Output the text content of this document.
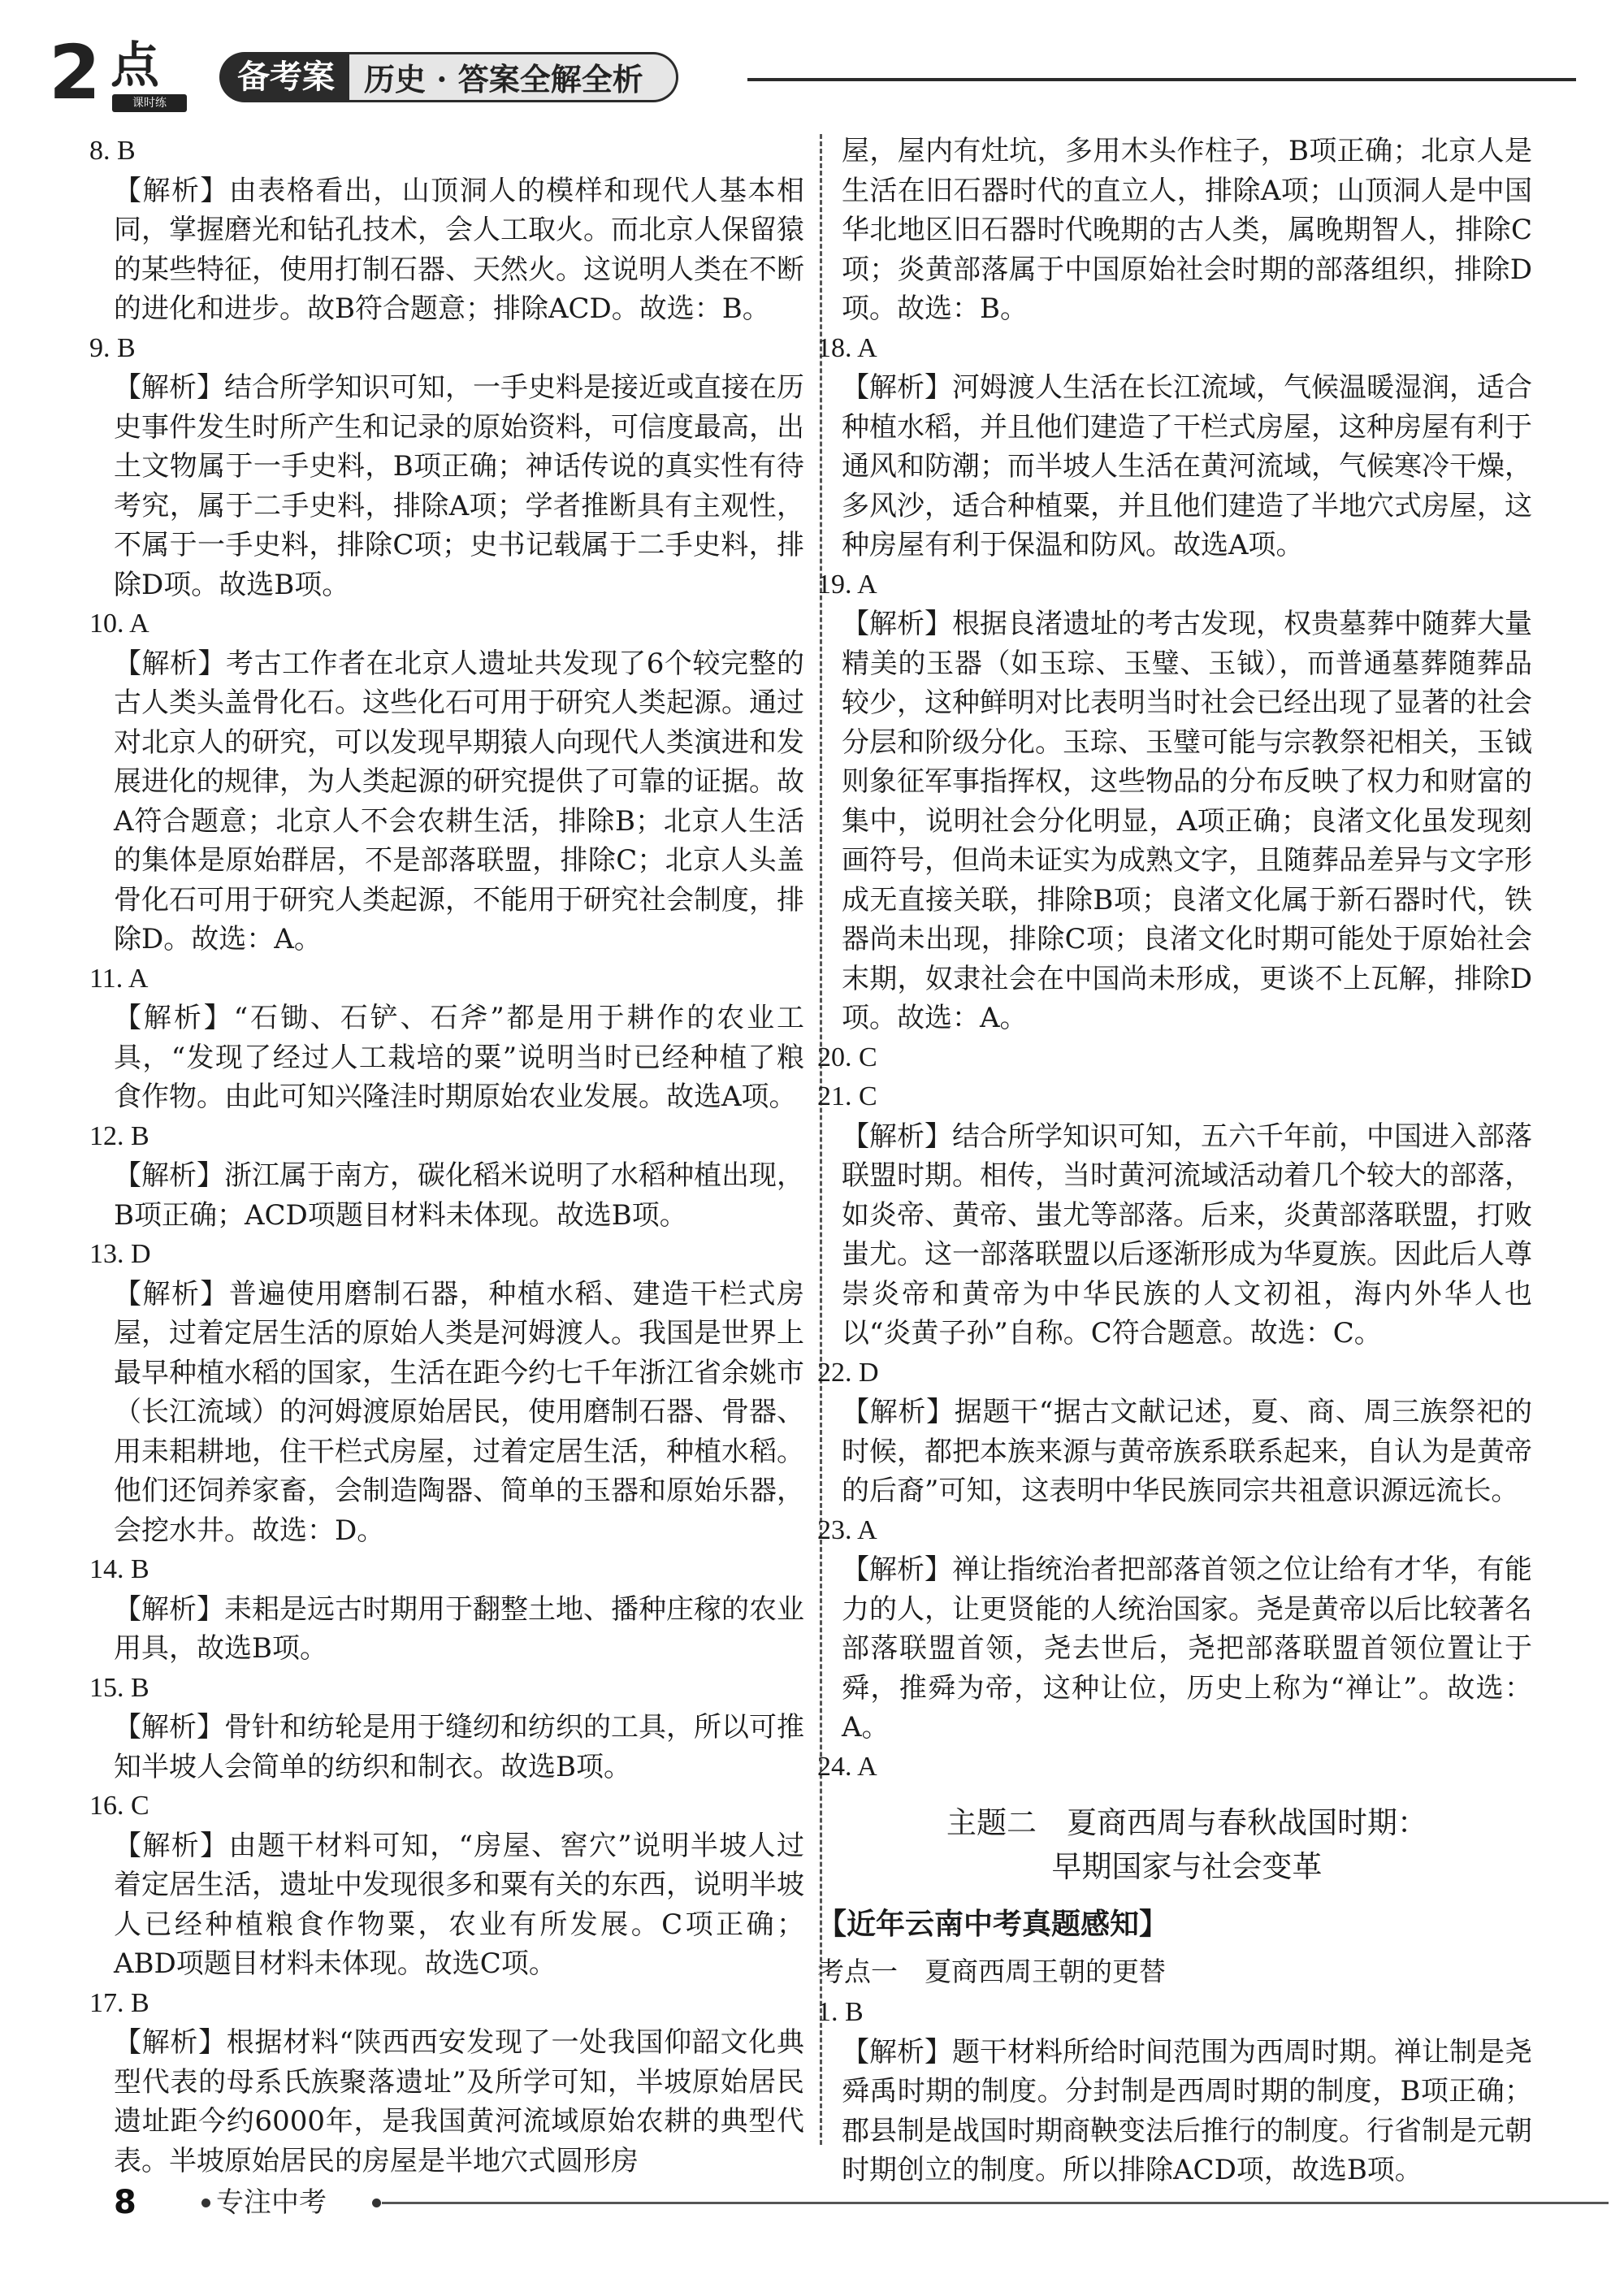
2 点
课时练
备考案 历史 · 答案全解全析

8. B

【解析】由表格看出，山顶洞人的模样和现代人基本相同，掌握磨光和钻孔技术，会人工取火。而北京人保留猿的某些特征，使用打制石器、天然火。这说明人类在不断的进化和进步。故B符合题意；排除ACD。故选：B。

9. B

【解析】结合所学知识可知，一手史料是接近或直接在历史事件发生时所产生和记录的原始资料，可信度最高，出土文物属于一手史料，B项正确；神话传说的真实性有待考究，属于二手史料，排除A项；学者推断具有主观性，不属于一手史料，排除C项；史书记载属于二手史料，排除D项。故选B项。

10. A

【解析】考古工作者在北京人遗址共发现了6个较完整的古人类头盖骨化石。这些化石可用于研究人类起源。通过对北京人的研究，可以发现早期猿人向现代人类演进和发展进化的规律，为人类起源的研究提供了可靠的证据。故A符合题意；北京人不会农耕生活，排除B；北京人生活的集体是原始群居，不是部落联盟，排除C；北京人头盖骨化石可用于研究人类起源，不能用于研究社会制度，排除D。故选：A。

11. A

【解析】“石锄、石铲、石斧”都是用于耕作的农业工具，“发现了经过人工栽培的粟”说明当时已经种植了粮食作物。由此可知兴隆洼时期原始农业发展。故选A项。

12. B

【解析】浙江属于南方，碳化稻米说明了水稻种植出现，B项正确；ACD项题目材料未体现。故选B项。

13. D

【解析】普遍使用磨制石器，种植水稻、建造干栏式房屋，过着定居生活的原始人类是河姆渡人。我国是世界上最早种植水稻的国家，生活在距今约七千年浙江省余姚市（长江流域）的河姆渡原始居民，使用磨制石器、骨器、用耒耜耕地，住干栏式房屋，过着定居生活，种植水稻。他们还饲养家畜，会制造陶器、简单的玉器和原始乐器，会挖水井。故选：D。

14. B

【解析】耒耜是远古时期用于翻整土地、播种庄稼的农业用具，故选B项。

15. B

【解析】骨针和纺轮是用于缝纫和纺织的工具，所以可推知半坡人会简单的纺织和制衣。故选B项。

16. C

【解析】由题干材料可知，“房屋、窖穴”说明半坡人过着定居生活，遗址中发现很多和粟有关的东西，说明半坡人已经种植粮食作物粟，农业有所发展。C项正确；ABD项题目材料未体现。故选C项。

17. B

【解析】根据材料“陕西西安发现了一处我国仰韶文化典型代表的母系氏族聚落遗址”及所学可知，半坡原始居民遗址距今约6000年，是我国黄河流域原始农耕的典型代表。半坡原始居民的房屋是半地穴式圆形房

屋，屋内有灶坑，多用木头作柱子，B项正确；北京人是生活在旧石器时代的直立人，排除A项；山顶洞人是中国华北地区旧石器时代晚期的古人类，属晚期智人，排除C项；炎黄部落属于中国原始社会时期的部落组织，排除D项。故选：B。

18. A

【解析】河姆渡人生活在长江流域，气候温暖湿润，适合种植水稻，并且他们建造了干栏式房屋，这种房屋有利于通风和防潮；而半坡人生活在黄河流域，气候寒冷干燥，多风沙，适合种植粟，并且他们建造了半地穴式房屋，这种房屋有利于保温和防风。故选A项。

19. A

【解析】根据良渚遗址的考古发现，权贵墓葬中随葬大量精美的玉器（如玉琮、玉璧、玉钺），而普通墓葬随葬品较少，这种鲜明对比表明当时社会已经出现了显著的社会分层和阶级分化。玉琮、玉璧可能与宗教祭祀相关，玉钺则象征军事指挥权，这些物品的分布反映了权力和财富的集中，说明社会分化明显，A项正确；良渚文化虽发现刻画符号，但尚未证实为成熟文字，且随葬品差异与文字形成无直接关联，排除B项；良渚文化属于新石器时代，铁器尚未出现，排除C项；良渚文化时期可能处于原始社会末期，奴隶社会在中国尚未形成，更谈不上瓦解，排除D项。故选：A。

20. C

21. C

【解析】结合所学知识可知，五六千年前，中国进入部落联盟时期。相传，当时黄河流域活动着几个较大的部落，如炎帝、黄帝、蚩尤等部落。后来，炎黄部落联盟，打败蚩尤。这一部落联盟以后逐渐形成为华夏族。因此后人尊崇炎帝和黄帝为中华民族的人文初祖，海内外华人也以“炎黄子孙”自称。C符合题意。故选：C。

22. D

【解析】据题干“据古文献记述，夏、商、周三族祭祀的时候，都把本族来源与黄帝族系联系起来，自认为是黄帝的后裔”可知，这表明中华民族同宗共祖意识源远流长。

23. A

【解析】禅让指统治者把部落首领之位让给有才华，有能力的人，让更贤能的人统治国家。尧是黄帝以后比较著名部落联盟首领，尧去世后，尧把部落联盟首领位置让于舜，推舜为帝，这种让位，历史上称为“禅让”。故选：A。

24. A

主题二　夏商西周与春秋战国时期：
早期国家与社会变革
【近年云南中考真题感知】
考点一　夏商西周王朝的更替

1. B

【解析】题干材料所给时间范围为西周时期。禅让制是尧舜禹时期的制度。分封制是西周时期的制度，B项正确；郡县制是战国时期商鞅变法后推行的制度。行省制是元朝时期创立的制度。所以排除ACD项，故选B项。

8	专注中考
